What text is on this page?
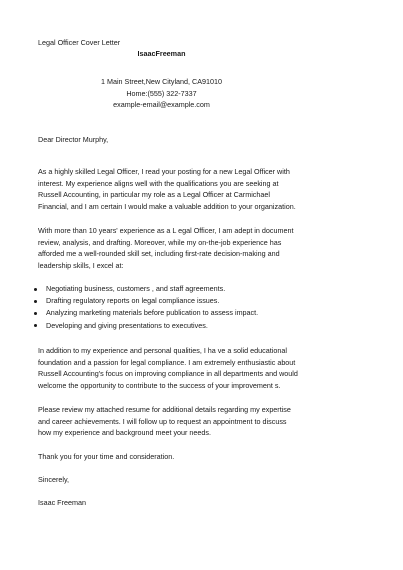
Legal Officer Cover Letter
IsaacFreeman
1 Main Street,New Cityland, CA91010
Home:(555) 322-7337
example-email@example.com
Dear Director Murphy,
As a highly skilled Legal Officer, I read your posting for a new Legal Officer with
interest. My experience aligns well with the qualifications you are seeking at
Russell Accounting, in particular my role as a Legal Officer at Carmichael
Financial, and I am certain I would make a valuable addition to your organization.
With more than 10 years' experience as a L egal Officer, I am adept in document
review, analysis, and drafting. Moreover, while my on-the-job experience has
afforded me a well-rounded skill set, including first-rate decision-making and
leadership skills, I excel at:
Negotiating business, customers , and staff agreements.
Drafting regulatory reports on legal compliance issues.
Analyzing marketing materials before publication to assess impact.
Developing and giving presentations to executives.
In addition to my experience and personal qualities, I ha ve a solid educational
foundation and a passion for legal compliance. I am extremely enthusiastic about
Russell Accounting's focus on improving compliance in all departments and would
welcome the opportunity to contribute to the success of your improvement s.
Please review my attached resume for additional details regarding my expertise
and career achievements. I will follow up to request an appointment to discuss
how my experience and background meet your needs.
Thank you for your time and consideration.
Sincerely,
Isaac Freeman
